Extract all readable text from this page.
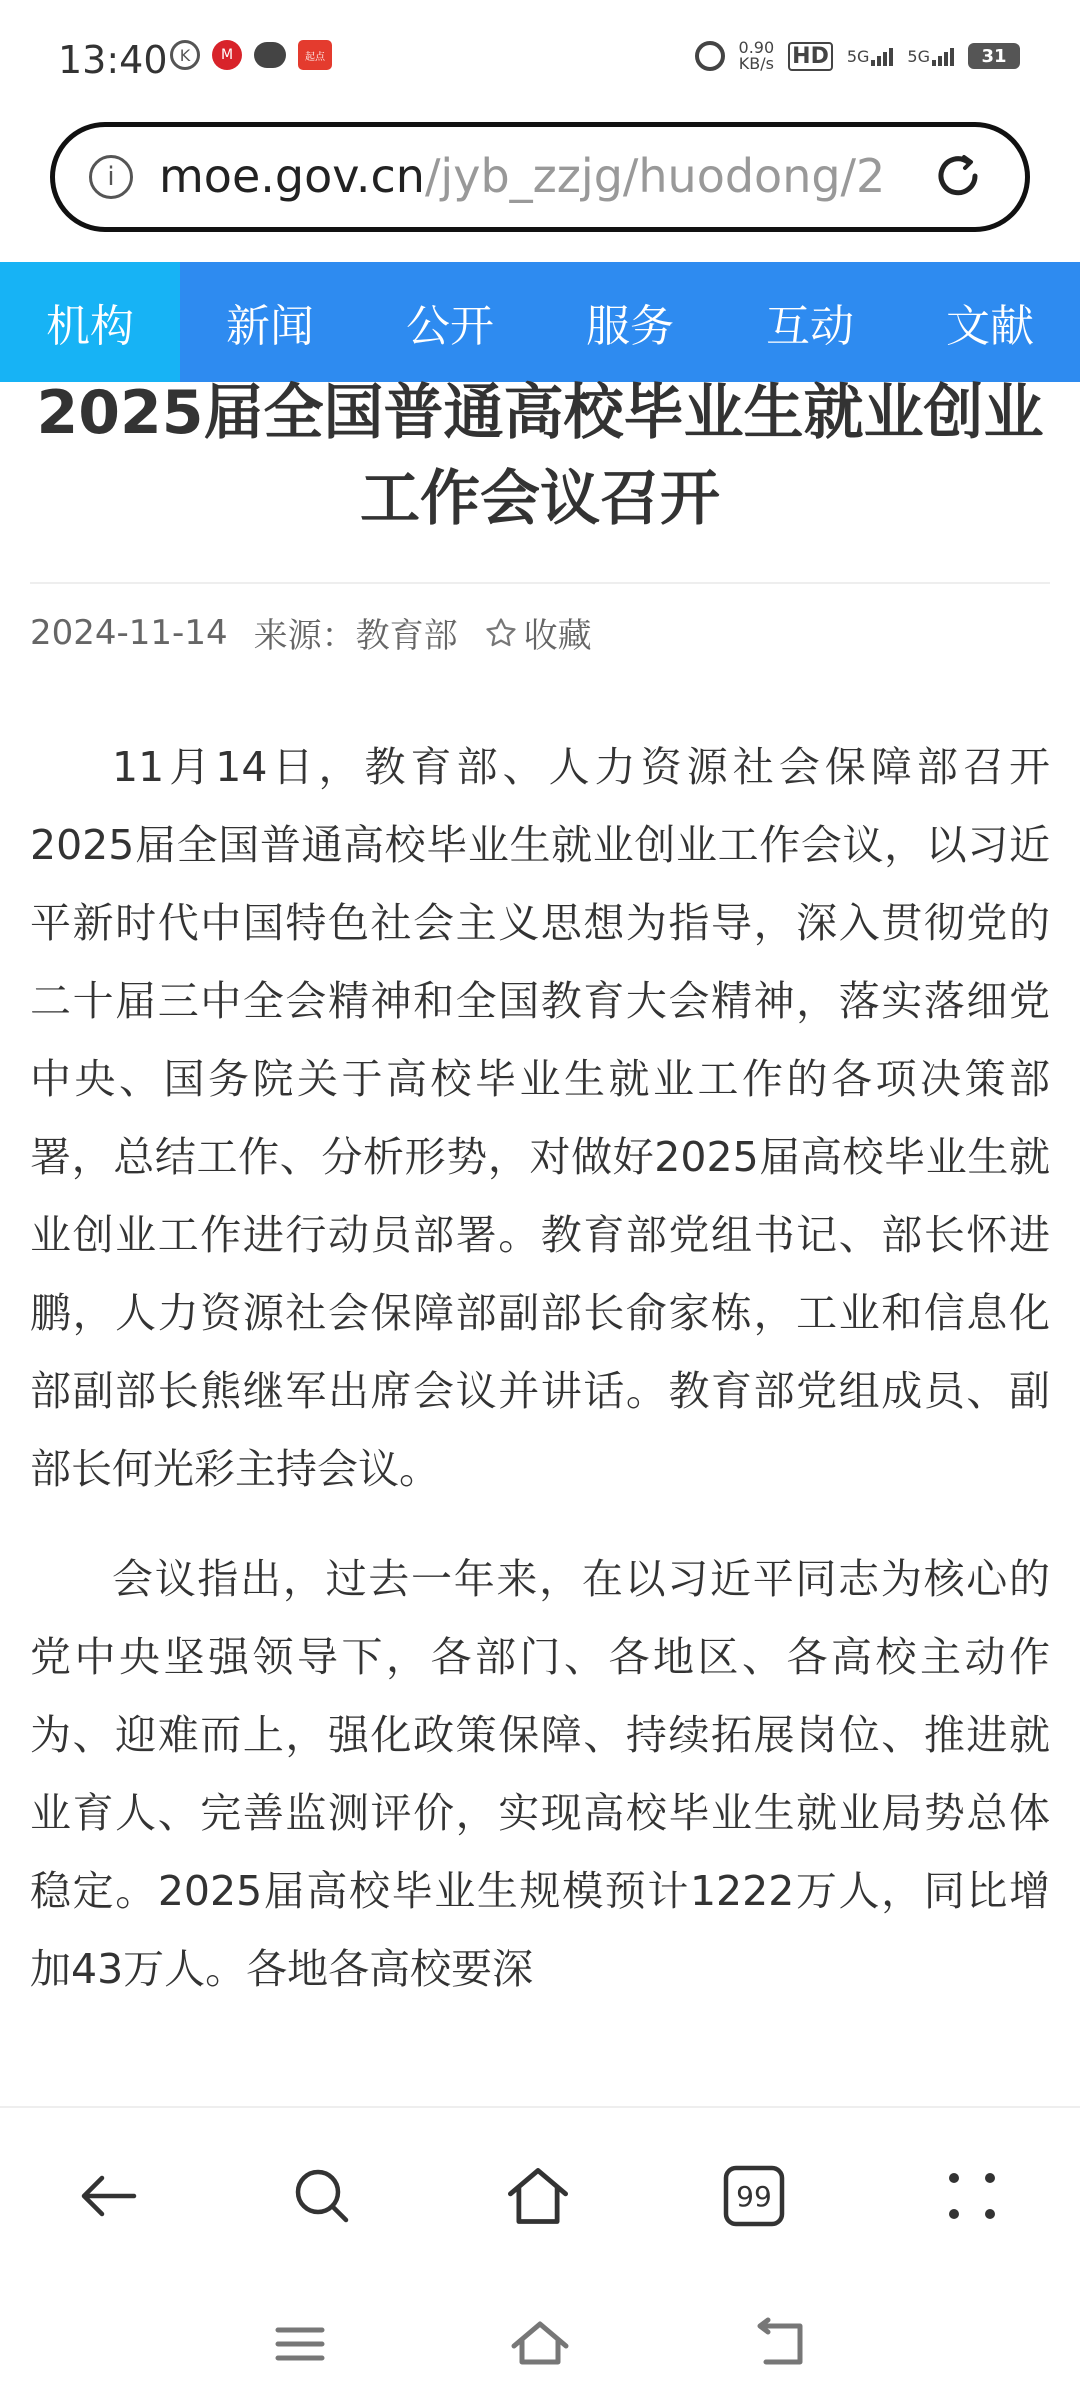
13:40 K	M	起点	0.90
KB/s HD 5G 5G	31
i moe.gov.cn/jyb_zzjg/huodong/2
机构	新闻	公开	服务	互动	文献
2025届全国普通高校毕业生就业创业工作会议召开
2024-11-14 来源：教育部 收藏

11月14日，教育部、人力资源社会保障部召开2025届全国普通高校毕业生就业创业工作会议，以习近平新时代中国特色社会主义思想为指导，深入贯彻党的二十届三中全会精神和全国教育大会精神，落实落细党中央、国务院关于高校毕业生就业工作的各项决策部署，总结工作、分析形势，对做好2025届高校毕业生就业创业工作进行动员部署。教育部党组书记、部长怀进鹏，人力资源社会保障部副部长俞家栋，工业和信息化部副部长熊继军出席会议并讲话。教育部党组成员、副部长何光彩主持会议。

会议指出，过去一年来，在以习近平同志为核心的党中央坚强领导下，各部门、各地区、各高校主动作为、迎难而上，强化政策保障、持续拓展岗位、推进就业育人、完善监测评价，实现高校毕业生就业局势总体稳定。2025届高校毕业生规模预计1222万人，同比增加43万人。各地各高校要深

99
